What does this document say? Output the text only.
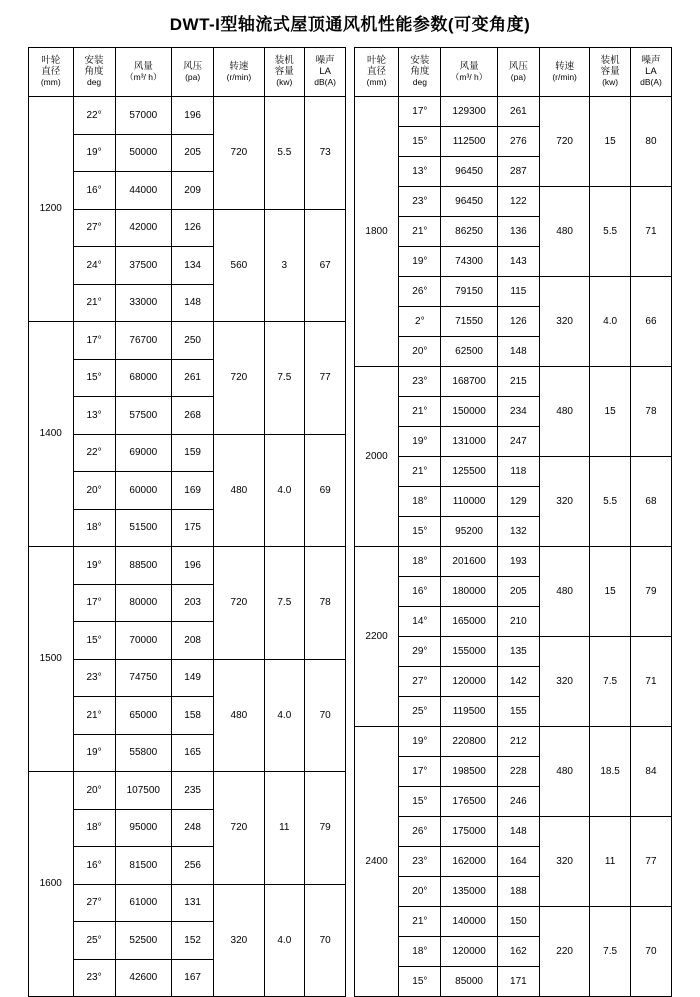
DWT-I型轴流式屋顶通风机性能参数(可变角度)
叶轮
直径
(mm)	安装
角度
deg	风量
（m³/ h）	风压
(pa)	转速
(r/min)	装机
容量
(kw)	噪声
LA
dB(A)

1200	22°	57000	196	720	5.5	73
	19°	50000	205			
	16°	44000	209			
	27°	42000	126	560	3	67
	24°	37500	134			
	21°	33000	148			
1400	17°	76700	250	720	7.5	77
	15°	68000	261			
	13°	57500	268			
	22°	69000	159	480	4.0	69
	20°	60000	169			
	18°	51500	175			
1500	19°	88500	196	720	7.5	78
	17°	80000	203			
	15°	70000	208			
	23°	74750	149	480	4.0	70
	21°	65000	158			
	19°	55800	165			
1600	20°	107500	235	720	11	79
	18°	95000	248			
	16°	81500	256			
	27°	61000	131	320	4.0	70
	25°	52500	152			
	23°	42600	167			
叶轮
直径
(mm)	安装
角度
deg	风量
（m³/ h）	风压
(pa)	转速
(r/min)	装机
容量
(kw)	噪声
LA
dB(A)

1800	17°	129300	261	720	15	80
	15°	112500	276			
	13°	96450	287			
	23°	96450	122	480	5.5	71
	21°	86250	136			
	19°	74300	143			
	26°	79150	115	320	4.0	66
	2°	71550	126			
	20°	62500	148			
2000	23°	168700	215	480	15	78
	21°	150000	234			
	19°	131000	247			
	21°	125500	118	320	5.5	68
	18°	110000	129			
	15°	95200	132			
2200	18°	201600	193	480	15	79
	16°	180000	205			
	14°	165000	210			
	29°	155000	135	320	7.5	71
	27°	120000	142			
	25°	119500	155			
2400	19°	220800	212	480	18.5	84
	17°	198500	228			
	15°	176500	246			
	26°	175000	148	320	11	77
	23°	162000	164			
	20°	135000	188			
	21°	140000	150	220	7.5	70
	18°	120000	162			
	15°	85000	171			
